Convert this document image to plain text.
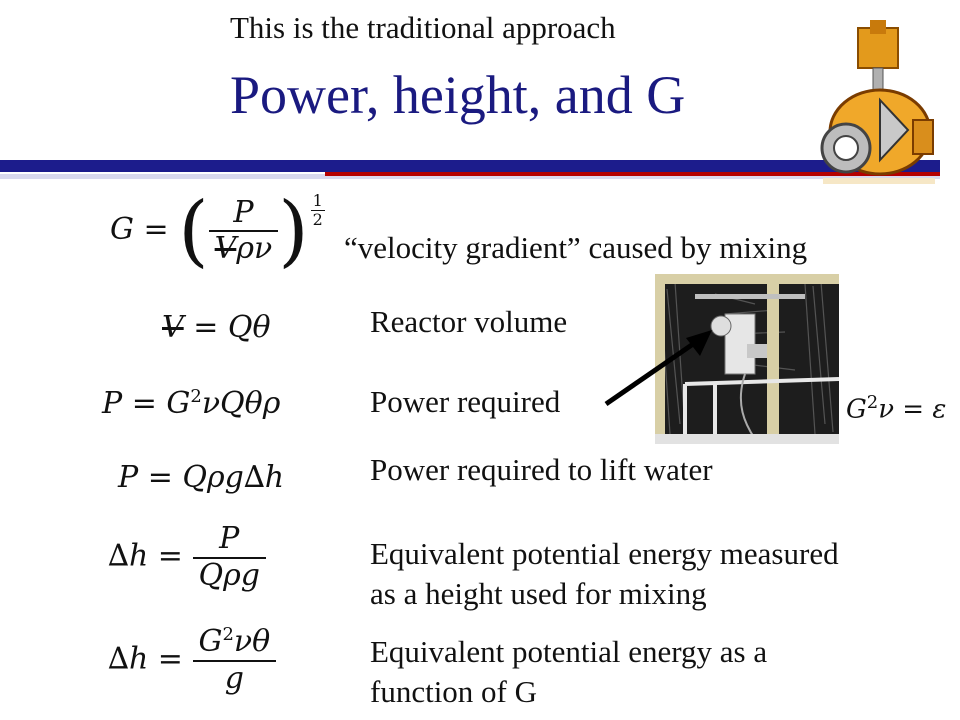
This is the traditional approach
Power, height, and G
G = ( $\frac{P}{\text{Vρν}}$ ) $\frac{1}{2}$
V = Qθ
$P = G^2\nu Q\theta\rho$
P = Qρg∆h
$\Delta h = \frac{P}{\text{Qρg}}$
$\Delta h = \frac{G^2\nu\theta}{g}$
$G^2\nu = \varepsilon$
“velocity gradient” caused by mixing
Reactor volume
Power required
Power required to lift water
Equivalent potential energy measured
as a height used for mixing
Equivalent potential energy as a
function of G
